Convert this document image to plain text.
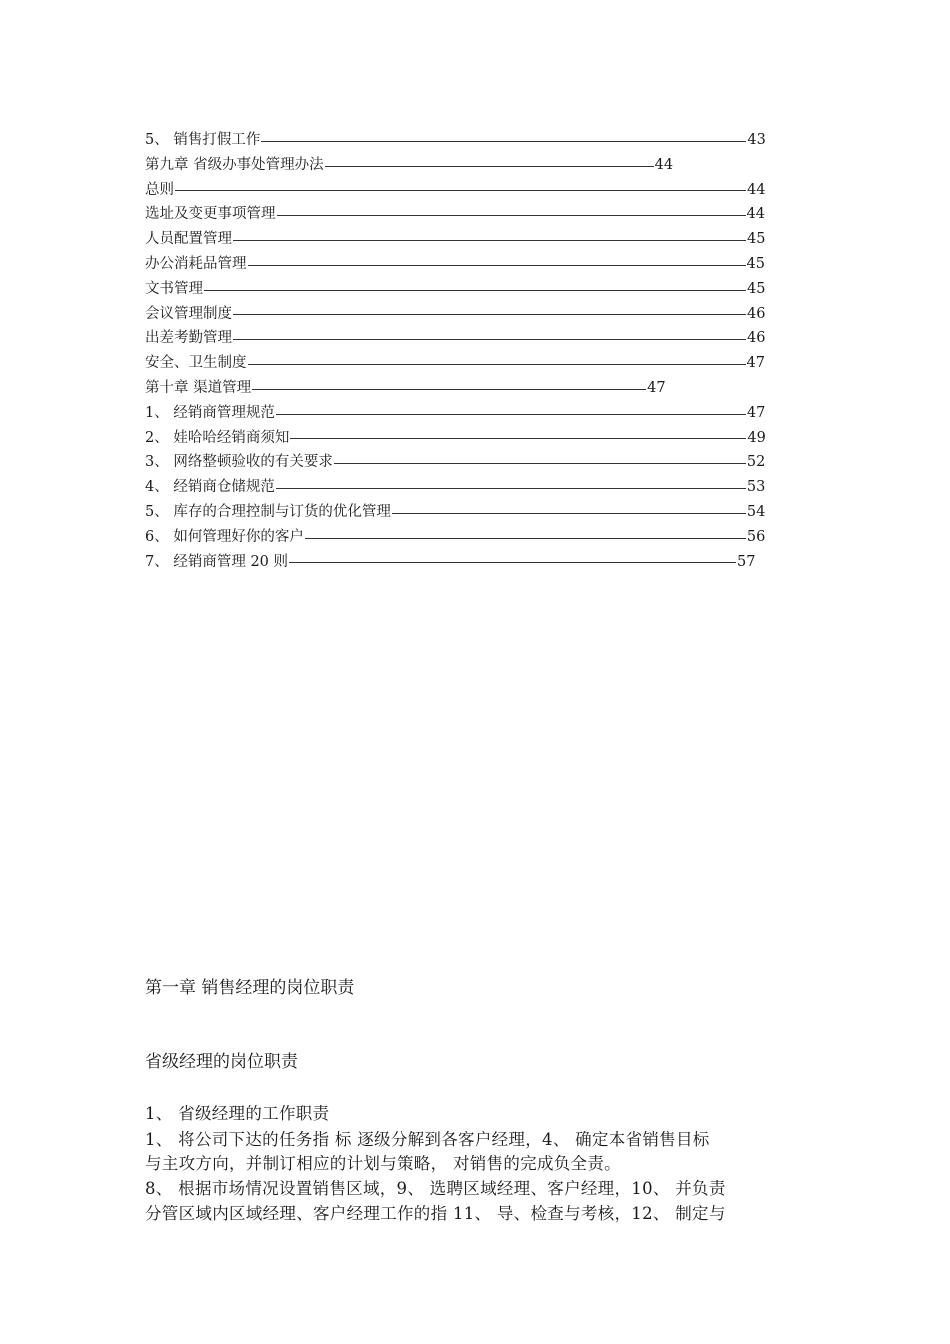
5、 销售打假工作	43
第九章 省级办事处管理办法	44
总则	44
选址及变更事项管理	44
人员配置管理	45
办公消耗品管理	45
文书管理	45
会议管理制度	46
出差考勤管理	46
安全、卫生制度	47
第十章 渠道管理	47
1、 经销商管理规范	47
2、 娃哈哈经销商须知	49
3、 网络整顿验收的有关要求	52
4、 经销商仓储规范	53
5、 库存的合理控制与订货的优化管理	54
6、 如何管理好你的客户	56
7、 经销商管理 20 则	57
第一章 销售经理的岗位职责
省级经理的岗位职责
1、 省级经理的工作职责
1、 将公司下达的任务指 标 逐级分解到各客户经理，4、 确定本省销售目标
与主攻方向，并制订相应的计划与策略， 对销售的完成负全责。
8、 根据市场情况设置销售区域，9、 选聘区域经理、客户经理，10、 并负责
分管区域内区域经理、客户经理工作的指 11、 导、检查与考核，12、 制定与
